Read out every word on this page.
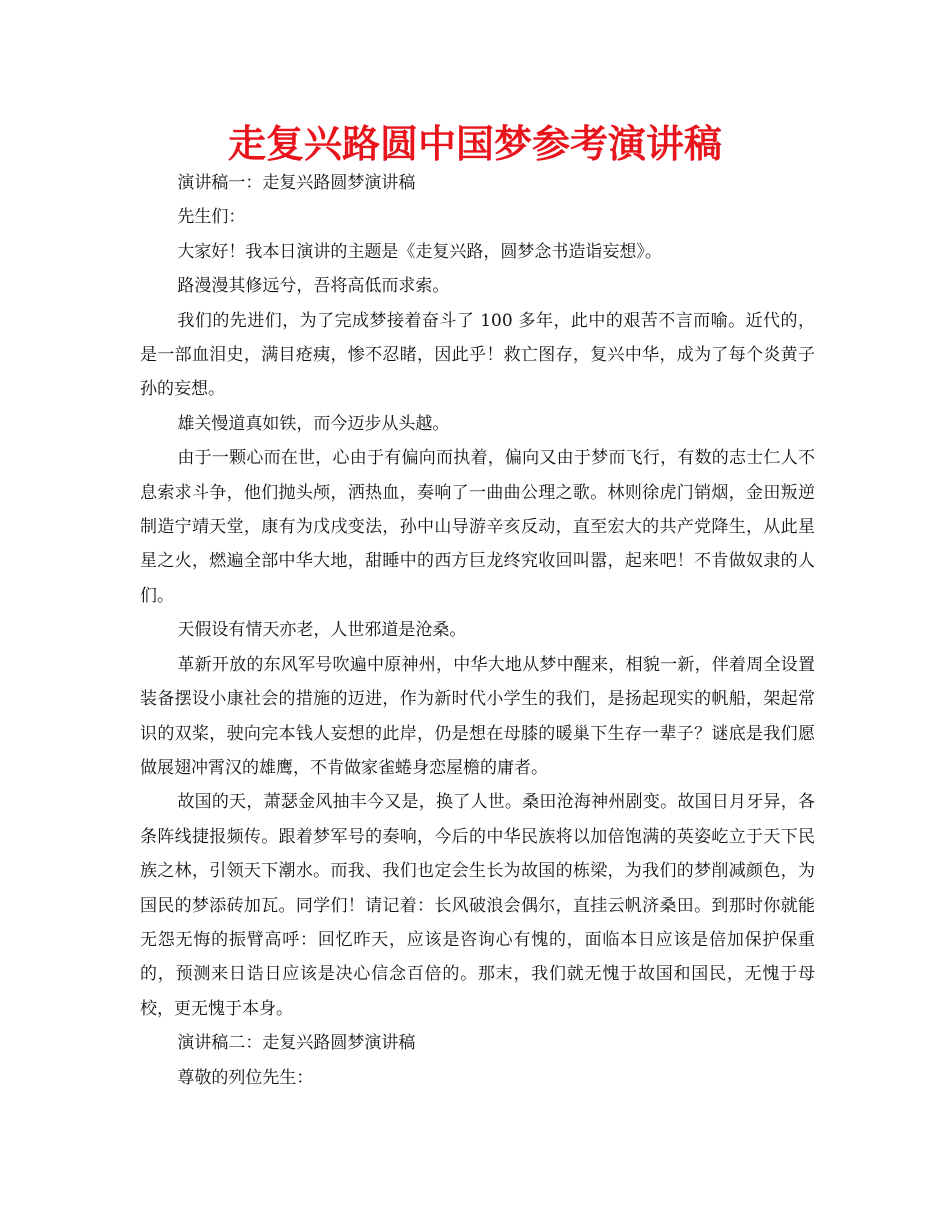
走复兴路圆中国梦参考演讲稿

演讲稿一：走复兴路圆梦演讲稿

先生们：

大家好！我本日演讲的主题是《走复兴路，圆梦念书造诣妄想》。

路漫漫其修远兮，吾将高低而求索。

我们的先进们，为了完成梦接着奋斗了 100 多年，此中的艰苦不言而喻。近代的，是一部血泪史，满目疮痍，惨不忍睹，因此乎！救亡图存，复兴中华，成为了每个炎黄子孙的妄想。

雄关慢道真如铁，而今迈步从头越。

由于一颗心而在世，心由于有偏向而执着，偏向又由于梦而飞行，有数的志士仁人不息索求斗争，他们抛头颅，洒热血，奏响了一曲曲公理之歌。林则徐虎门销烟，金田叛逆制造宁靖天堂，康有为戊戌变法，孙中山导游辛亥反动，直至宏大的共产党降生，从此星星之火，燃遍全部中华大地，甜睡中的西方巨龙终究收回叫嚣，起来吧！不肯做奴隶的人们。

天假设有情天亦老，人世邪道是沧桑。

革新开放的东风军号吹遍中原神州，中华大地从梦中醒来，相貌一新，伴着周全设置装备摆设小康社会的措施的迈进，作为新时代小学生的我们，是扬起现实的帆船，架起常识的双桨，驶向完本钱人妄想的此岸，仍是想在母膝的暖巢下生存一辈子？谜底是我们愿做展翅冲霄汉的雄鹰，不肯做家雀蜷身恋屋檐的庸者。

故国的天，萧瑟金风抽丰今又是，换了人世。桑田沧海神州剧变。故国日月牙异，各条阵线捷报频传。跟着梦军号的奏响，今后的中华民族将以加倍饱满的英姿屹立于天下民族之林，引领天下潮水。而我、我们也定会生长为故国的栋梁，为我们的梦削减颜色，为国民的梦添砖加瓦。同学们！请记着：长风破浪会偶尔，直挂云帆济桑田。到那时你就能无怨无悔的振臂高呼：回忆昨天，应该是咨询心有愧的，面临本日应该是倍加保护保重的，预测来日诰日应该是决心信念百倍的。那末，我们就无愧于故国和国民，无愧于母校，更无愧于本身。

演讲稿二：走复兴路圆梦演讲稿

尊敬的列位先生：
